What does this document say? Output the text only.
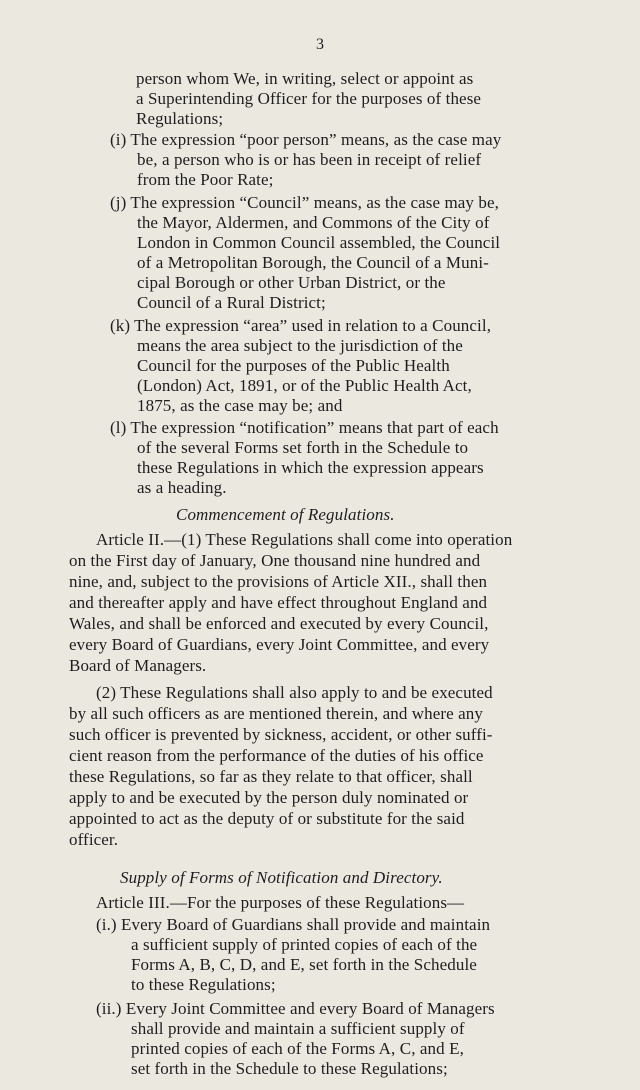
3
person whom We, in writing, select or appoint as
a Superintending Officer for the purposes of these
Regulations;
(i) The expression “poor person” means, as the case may
be, a person who is or has been in receipt of relief
from the Poor Rate;
(j) The expression “Council” means, as the case may be,
the Mayor, Aldermen, and Commons of the City of
London in Common Council assembled, the Council
of a Metropolitan Borough, the Council of a Muni-
cipal Borough or other Urban District, or the
Council of a Rural District;
(k) The expression “area” used in relation to a Council,
means the area subject to the jurisdiction of the
Council for the purposes of the Public Health
(London) Act, 1891, or of the Public Health Act,
1875, as the case may be; and
(l) The expression “notification” means that part of each
of the several Forms set forth in the Schedule to
these Regulations in which the expression appears
as a heading.
Commencement of Regulations.
Article II.—(1) These Regulations shall come into operation
on the First day of January, One thousand nine hundred and
nine, and, subject to the provisions of Article XII., shall then
and thereafter apply and have effect throughout England and
Wales, and shall be enforced and executed by every Council,
every Board of Guardians, every Joint Committee, and every
Board of Managers.
(2) These Regulations shall also apply to and be executed
by all such officers as are mentioned therein, and where any
such officer is prevented by sickness, accident, or other suffi-
cient reason from the performance of the duties of his office
these Regulations, so far as they relate to that officer, shall
apply to and be executed by the person duly nominated or
appointed to act as the deputy of or substitute for the said
officer.
Supply of Forms of Notification and Directory.
Article III.—For the purposes of these Regulations—
(i.) Every Board of Guardians shall provide and maintain
a sufficient supply of printed copies of each of the
Forms A, B, C, D, and E, set forth in the Schedule
to these Regulations;
(ii.) Every Joint Committee and every Board of Managers
shall provide and maintain a sufficient supply of
printed copies of each of the Forms A, C, and E,
set forth in the Schedule to these Regulations;
